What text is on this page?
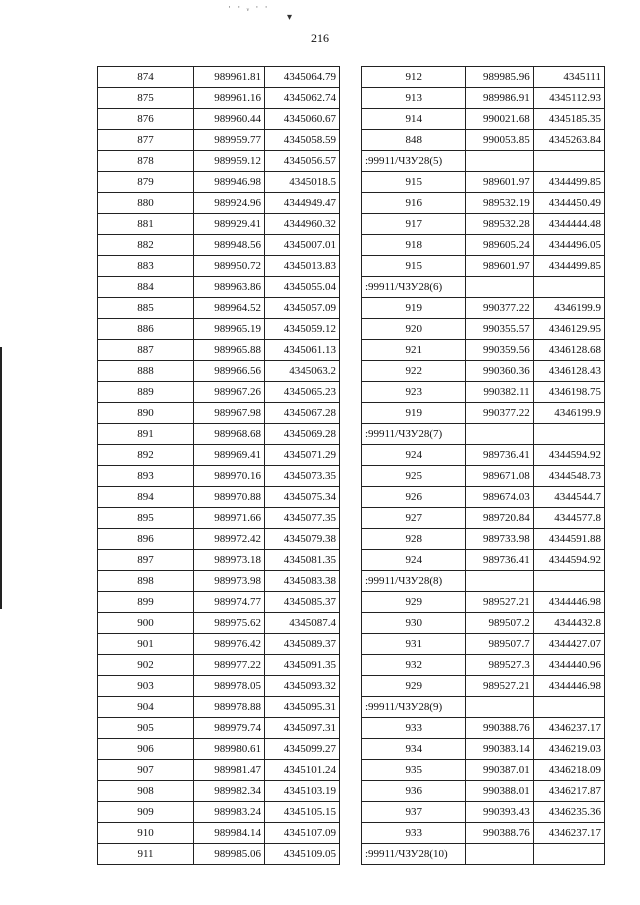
· · ᵥ · ·
▾
216
874	989961.81	4345064.79
875	989961.16	4345062.74
876	989960.44	4345060.67
877	989959.77	4345058.59
878	989959.12	4345056.57
879	989946.98	4345018.5
880	989924.96	4344949.47
881	989929.41	4344960.32
882	989948.56	4345007.01
883	989950.72	4345013.83
884	989963.86	4345055.04
885	989964.52	4345057.09
886	989965.19	4345059.12
887	989965.88	4345061.13
888	989966.56	4345063.2
889	989967.26	4345065.23
890	989967.98	4345067.28
891	989968.68	4345069.28
892	989969.41	4345071.29
893	989970.16	4345073.35
894	989970.88	4345075.34
895	989971.66	4345077.35
896	989972.42	4345079.38
897	989973.18	4345081.35
898	989973.98	4345083.38
899	989974.77	4345085.37
900	989975.62	4345087.4
901	989976.42	4345089.37
902	989977.22	4345091.35
903	989978.05	4345093.32
904	989978.88	4345095.31
905	989979.74	4345097.31
906	989980.61	4345099.27
907	989981.47	4345101.24
908	989982.34	4345103.19
909	989983.24	4345105.15
910	989984.14	4345107.09
911	989985.06	4345109.05
912	989985.96	4345111
913	989986.91	4345112.93
914	990021.68	4345185.35
848	990053.85	4345263.84
:99911/ЧЗУ28(5)		
915	989601.97	4344499.85
916	989532.19	4344450.49
917	989532.28	4344444.48
918	989605.24	4344496.05
915	989601.97	4344499.85
:99911/ЧЗУ28(6)		
919	990377.22	4346199.9
920	990355.57	4346129.95
921	990359.56	4346128.68
922	990360.36	4346128.43
923	990382.11	4346198.75
919	990377.22	4346199.9
:99911/ЧЗУ28(7)		
924	989736.41	4344594.92
925	989671.08	4344548.73
926	989674.03	4344544.7
927	989720.84	4344577.8
928	989733.98	4344591.88
924	989736.41	4344594.92
:99911/ЧЗУ28(8)		
929	989527.21	4344446.98
930	989507.2	4344432.8
931	989507.7	4344427.07
932	989527.3	4344440.96
929	989527.21	4344446.98
:99911/ЧЗУ28(9)		
933	990388.76	4346237.17
934	990383.14	4346219.03
935	990387.01	4346218.09
936	990388.01	4346217.87
937	990393.43	4346235.36
933	990388.76	4346237.17
:99911/ЧЗУ28(10)		
